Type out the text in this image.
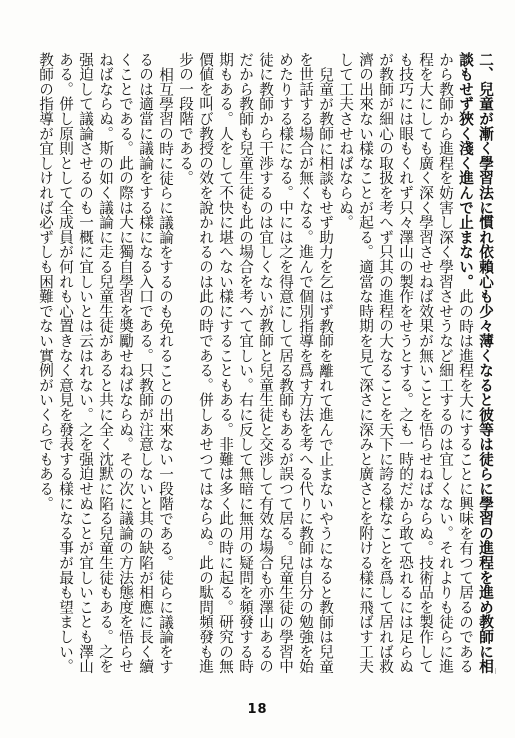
二、兒童が漸く學習法に慣れ依賴心も少々薄くなると彼等は徒らに學習の進程を進め教師に相談もせず狹く淺く進んで止まない。此の時は進程を大にすることに興味を有つて居るのであるから教師から進程を妨害し深く學習させうなど細工するのは宜しくない。それよりも徒らに進程を大にしても廣く深く學習させねば效果が無いことを悟らせねばならぬ。技術品を製作しても技巧には眼もくれず只々澤山の製作をせうとする。之も一時的だから敢て恐れるには足らぬが教師が細心の取扱を考へず只其の進程の大なることを天下に誇る樣なことを爲して居れば救濟の出來ない樣なことが起る。適當な時期を見て深さに深みと廣さとを附ける樣に飛ばす工夫して工夫させねばならぬ。

兒童が教師に相談もせず助力を乞はず教師を離れて進んで止まないやうになると教師は兒童を世話する場合が無くなる。進んで個別指導を爲す方法を考へる代りに教師は自分の勉強を始めたりする樣になる。中には之を得意にして居る教師もあるが誤つて居る。兒童生徒の學習中徒に教師から干渉するのは宜しくないが教師と兒童生徒と交渉して有效な場合も亦澤山あるのだから教師も兒童生徒も此の場合を考へて宜しい。右に反して無暗に無用の疑問を頻發する時期もある。人をして不快に堪へない樣にすることもある。非難は多く此の時に起る。研究の無價値を叫び教授の效を說かれるのは此の時である。併しあせつてはならぬ。此の駄問頻發も進步の一段階である。

相互學習の時に徒らに議論をするのも免れることの出來ない一段階である。徒らに議論をするのは適當に議論をする樣になる入口である。只教師が注意しないと其の缺陷が相應に長く續くことである。此の際は大に獨自學習を奬勵せねばならぬ。その次に議論の方法態度を悟らせねばならぬ。斯の如く議論に走る兒童生徒があると共に全く沈默に陷る兒童生徒もある。之を强迫して議論させるのも一概に宜しいとは云はれない。之を强迫せぬことが宜しいことも澤山ある。併し原則として全成員が何れも心置きなく意見を發表する樣になる事が最も望ましい。教師の指導が宜しければ必ずしも困難でない實例がいくらでもある。

18
